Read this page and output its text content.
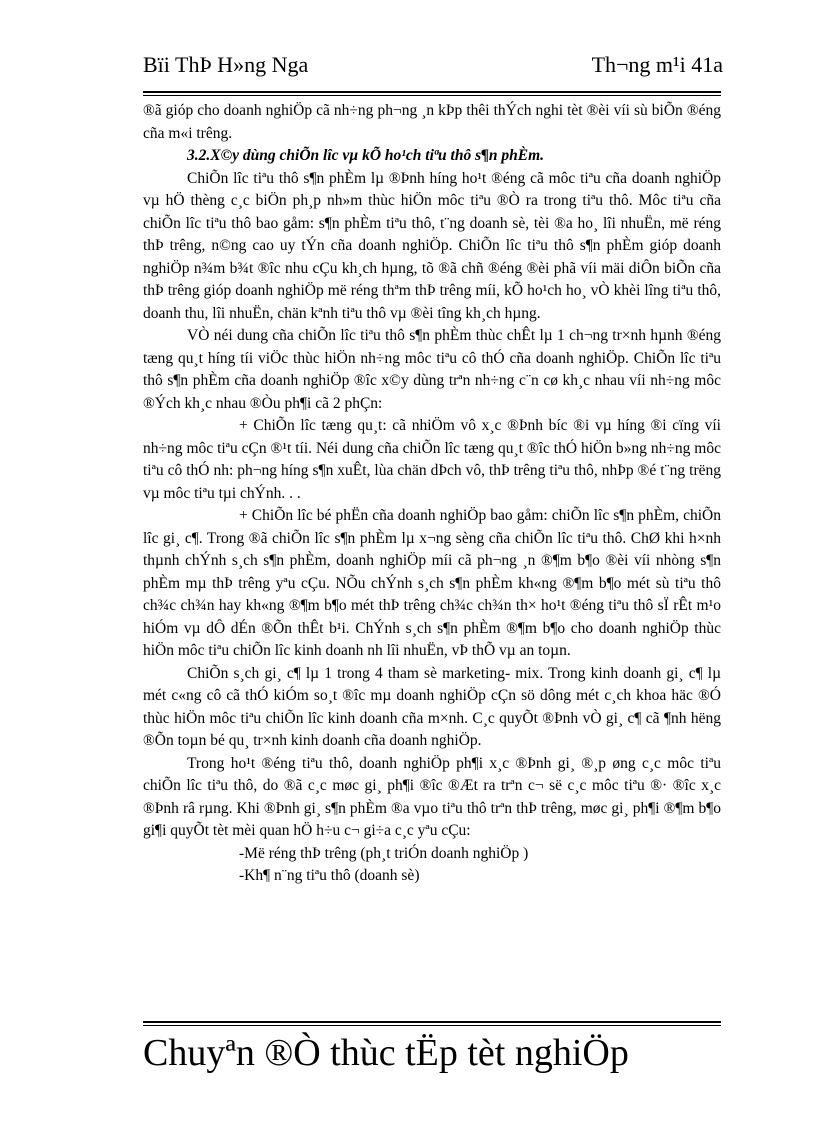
Bïi ThÞ H»ng Nga	Th¬ng m¹i 41a

®ã gióp cho doanh nghiÖp cã nh÷ng ph¬ng ¸n kÞp thêi thÝch nghi tèt ®èi víi sù biÕn ®éng cña m«i trêng.

3.2.X©y dùng chiÕn lîc vµ kÕ ho¹ch tiªu thô s¶n phÈm.

ChiÕn lîc tiªu thô s¶n phÈm lµ ®Þnh híng ho¹t ®éng cã môc tiªu cña doanh nghiÖp vµ hÖ thèng c¸c biÖn ph¸p nh»m thùc hiÖn môc tiªu ®Ò ra trong tiªu thô. Môc tiªu cña chiÕn lîc tiªu thô bao gåm: s¶n phÈm tiªu thô, t¨ng doanh sè, tèi ®a ho¸ lîi nhuËn, më réng thÞ trêng, n©ng cao uy tÝn cña doanh nghiÖp. ChiÕn lîc tiªu thô s¶n phÈm gióp doanh nghiÖp n¾m b¾t ®îc nhu cÇu kh¸ch hµng, tõ ®ã chñ ®éng ®èi phã víi mäi diÔn biÕn cña thÞ trêng gióp doanh nghiÖp më réng thªm thÞ trêng míi, kÕ ho¹ch ho¸ vÒ khèi lîng tiªu thô, doanh thu, lîi nhuËn, chän kªnh tiªu thô vµ ®èi tîng kh¸ch hµng.

VÒ néi dung cña chiÕn lîc tiªu thô s¶n phÈm thùc chÊt lµ 1 ch¬ng tr×nh hµnh ®éng tæng qu¸t híng tíi viÖc thùc hiÖn nh÷ng môc tiªu cô thÓ cña doanh nghiÖp. ChiÕn lîc tiªu thô s¶n phÈm cña doanh nghiÖp ®îc x©y dùng trªn nh÷ng c¨n cø kh¸c nhau víi nh÷ng môc ®Ých kh¸c nhau ®Òu ph¶i cã 2 phÇn:

+ ChiÕn lîc tæng qu¸t: cã nhiÖm vô x¸c ®Þnh bíc ®i vµ híng ®i cïng víi nh÷ng môc tiªu cÇn ®¹t tíi. Néi dung cña chiÕn lîc tæng qu¸t ®îc thÓ hiÖn b»ng nh÷ng môc tiªu cô thÓ nh: ph¬ng híng s¶n xuÊt, lùa chän dÞch vô, thÞ trêng tiªu thô, nhÞp ®é t¨ng trëng vµ môc tiªu tµi chÝnh. . .

+ ChiÕn lîc bé phËn cña doanh nghiÖp bao gåm: chiÕn lîc s¶n phÈm, chiÕn lîc gi¸ c¶. Trong ®ã chiÕn lîc s¶n phÈm lµ x¬ng sèng cña chiÕn lîc tiªu thô. ChØ khi h×nh thµnh chÝnh s¸ch s¶n phÈm, doanh nghiÖp míi cã ph¬ng ¸n ®¶m b¶o ®èi víi nhòng s¶n phÈm mµ thÞ trêng yªu cÇu. NÕu chÝnh s¸ch s¶n phÈm kh«ng ®¶m b¶o mét sù tiªu thô ch¾c ch¾n hay kh«ng ®¶m b¶o mét thÞ trêng ch¾c ch¾n th× ho¹t ®éng tiªu thô sÏ rÊt m¹o hiÓm vµ dÔ dÉn ®Õn thÊt b¹i. ChÝnh s¸ch s¶n phÈm ®¶m b¶o cho doanh nghiÖp thùc hiÖn môc tiªu chiÕn lîc kinh doanh nh lîi nhuËn, vÞ thÕ vµ an toµn.

ChiÕn s¸ch gi¸ c¶ lµ 1 trong 4 tham sè marketing- mix. Trong kinh doanh gi¸ c¶ lµ mét c«ng cô cã thÓ kiÓm so¸t ®îc mµ doanh nghiÖp cÇn sö dông mét c¸ch khoa häc ®Ó thùc hiÖn môc tiªu chiÕn lîc kinh doanh cña m×nh. C¸c quyÕt ®Þnh vÒ gi¸ c¶ cã ¶nh hëng ®Õn toµn bé qu¸ tr×nh kinh doanh cña doanh nghiÖp.

Trong ho¹t ®éng tiªu thô, doanh nghiÖp ph¶i x¸c ®Þnh gi¸ ®¸p øng c¸c môc tiªu chiÕn lîc tiªu thô, do ®ã c¸c møc gi¸ ph¶i ®îc ®Æt ra trªn c¬ së c¸c môc tiªu ®· ®îc x¸c ®Þnh râ rµng. Khi ®Þnh gi¸ s¶n phÈm ®a vµo tiªu thô trªn thÞ trêng, møc gi¸ ph¶i ®¶m b¶o gi¶i quyÕt tèt mèi quan hÖ h÷u c¬ gi÷a c¸c yªu cÇu:

-Më réng thÞ trêng (ph¸t triÓn doanh nghiÖp )

-Kh¶ n¨ng tiªu thô (doanh sè)

Chuyªn ®Ò thùc tËp tèt nghiÖp
